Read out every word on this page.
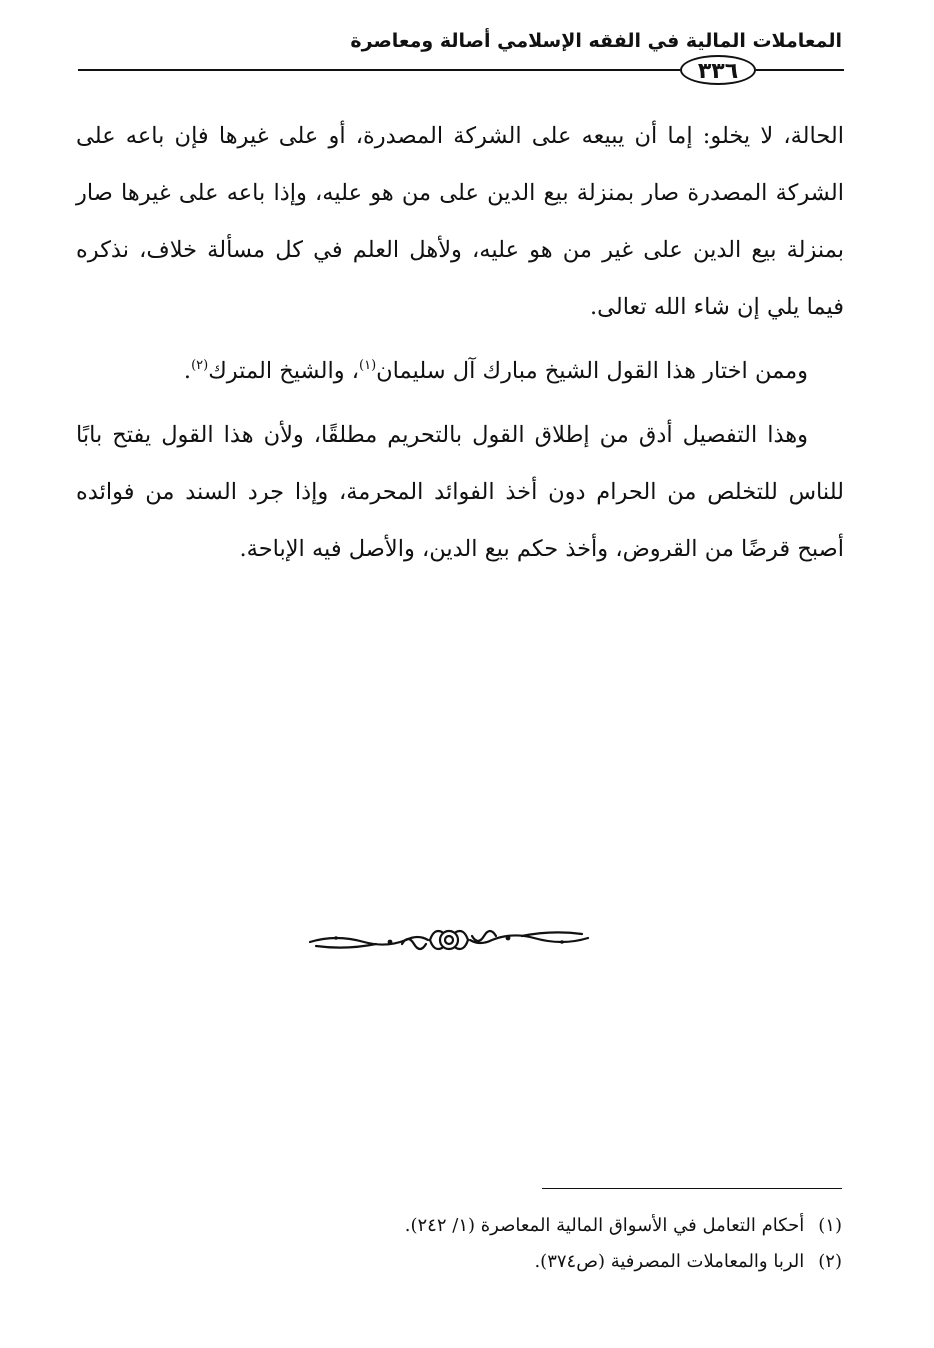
المعاملات المالية في الفقه الإسلامي أصالة ومعاصرة
٣٣٦

الحالة، لا يخلو: إما أن يبيعه على الشركة المصدرة، أو على غيرها فإن باعه على الشركة المصدرة صار بمنزلة بيع الدين على من هو عليه، وإذا باعه على غيرها صار بمنزلة بيع الدين على غير من هو عليه، ولأهل العلم في كل مسألة خلاف، نذكره فيما يلي إن شاء الله تعالى.

وممن اختار هذا القول الشيخ مبارك آل سليمان$^{(١)}$، والشيخ المترك$^{(٢)}$.

وهذا التفصيل أدق من إطلاق القول بالتحريم مطلقًا، ولأن هذا القول يفتح بابًا للناس للتخلص من الحرام دون أخذ الفوائد المحرمة، وإذا جرد السند من فوائده أصبح قرضًا من القروض، وأخذ حكم بيع الدين، والأصل فيه الإباحة.

(١)أحكام التعامل في الأسواق المالية المعاصرة (١/ ٢٤٢).

(٢)الربا والمعاملات المصرفية (ص٣٧٤).
